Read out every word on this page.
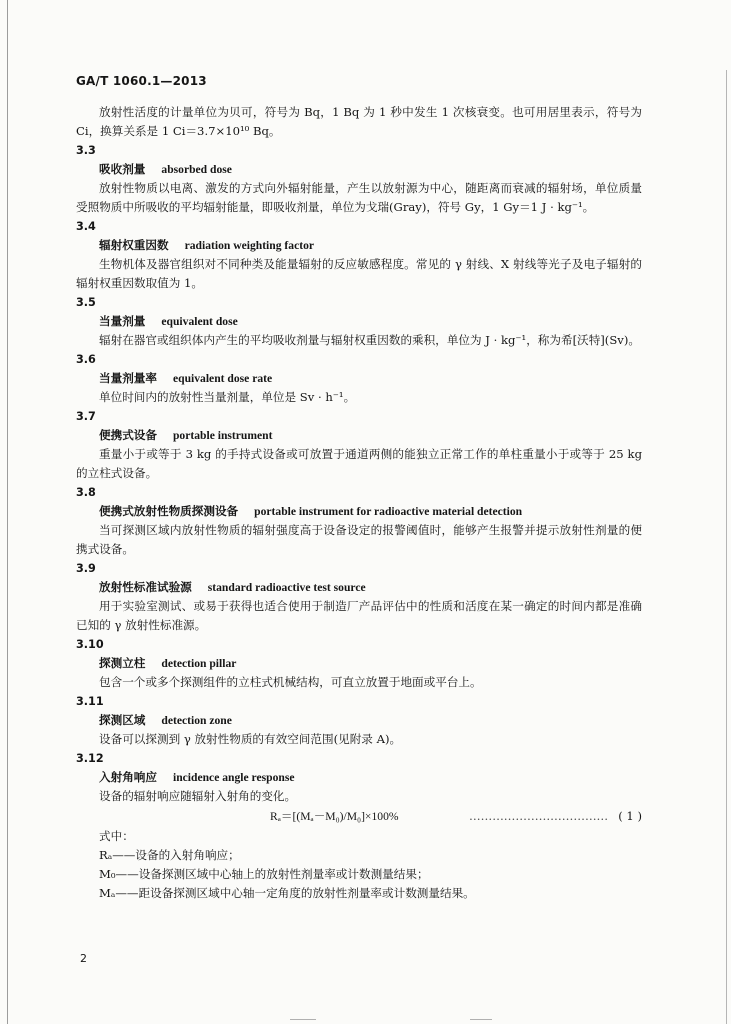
GA/T 1060.1—2013

放射性活度的计量单位为贝可，符号为 Bq，1 Bq 为 1 秒中发生 1 次核衰变。也可用居里表示，符号为 Ci，换算关系是 1 Ci＝3.7×10¹⁰ Bq。

3.3

吸收剂量 absorbed dose

放射性物质以电离、激发的方式向外辐射能量，产生以放射源为中心，随距离而衰减的辐射场，单位质量受照物质中所吸收的平均辐射能量，即吸收剂量，单位为戈瑞(Gray)，符号 Gy，1 Gy＝1 J · kg⁻¹。

3.4

辐射权重因数 radiation weighting factor

生物机体及器官组织对不同种类及能量辐射的反应敏感程度。常见的 γ 射线、X 射线等光子及电子辐射的辐射权重因数取值为 1。

3.5

当量剂量 equivalent dose

辐射在器官或组织体内产生的平均吸收剂量与辐射权重因数的乘积，单位为 J · kg⁻¹，称为希[沃特](Sv)。

3.6

当量剂量率 equivalent dose rate

单位时间内的放射性当量剂量，单位是 Sv · h⁻¹。

3.7

便携式设备 portable instrument

重量小于或等于 3 kg 的手持式设备或可放置于通道两侧的能独立正常工作的单柱重量小于或等于 25 kg 的立柱式设备。

3.8

便携式放射性物质探测设备 portable instrument for radioactive material detection

当可探测区域内放射性物质的辐射强度高于设备设定的报警阈值时，能够产生报警并提示放射性剂量的便携式设备。

3.9

放射性标准试验源 standard radioactive test source

用于实验室测试、或易于获得也适合使用于制造厂产品评估中的性质和活度在某一确定的时间内都是准确已知的 γ 放射性标准源。

3.10

探测立柱 detection pillar

包含一个或多个探测组件的立柱式机械结构，可直立放置于地面或平台上。

3.11

探测区域 detection zone

设备可以探测到 γ 放射性物质的有效空间范围(见附录 A)。

3.12

入射角响应 incidence angle response

设备的辐射响应随辐射入射角的变化。

Rₐ＝[(Mₐ－M₀)/M₀]×100%	……………………………… ( 1 )

式中：

Rₐ——设备的入射角响应；

M₀——设备探测区域中心轴上的放射性剂量率或计数测量结果；

Mₐ——距设备探测区域中心轴一定角度的放射性剂量率或计数测量结果。

2
